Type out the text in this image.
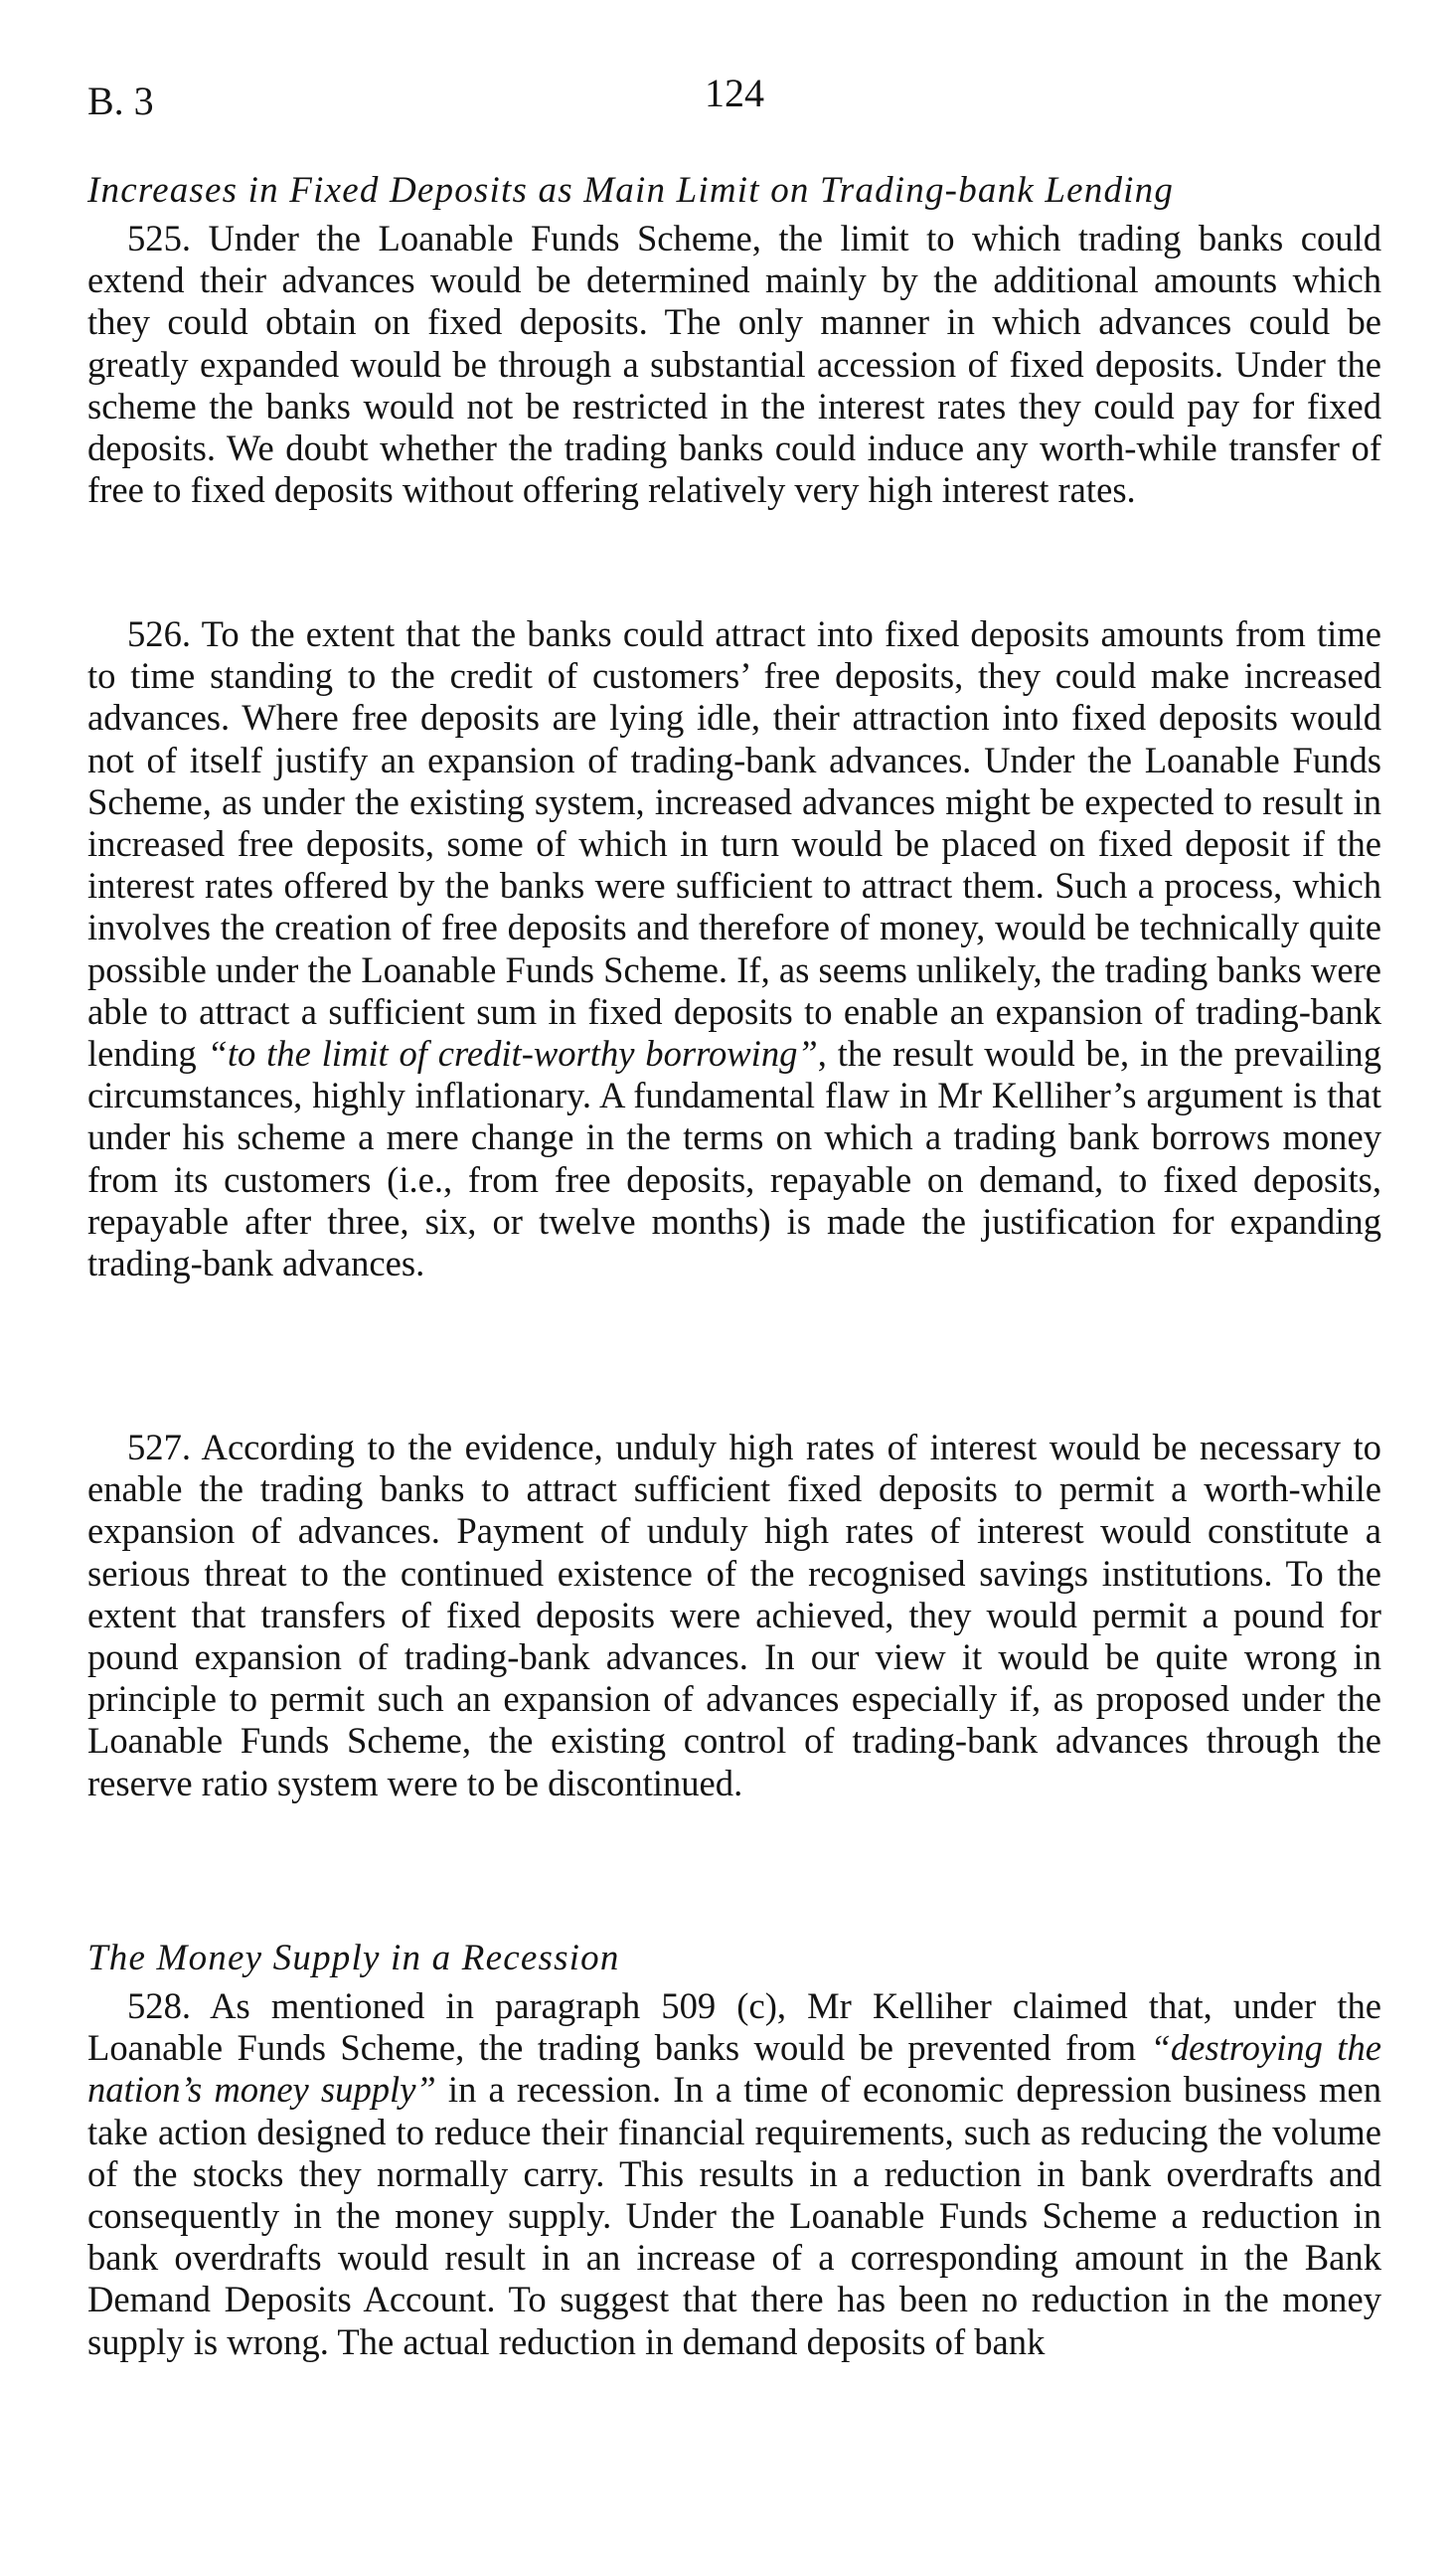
B. 3	124
Increases in Fixed Deposits as Main Limit on Trading-bank Lending

525. Under the Loanable Funds Scheme, the limit to which trading banks could extend their advances would be determined mainly by the additional amounts which they could obtain on fixed deposits. The only manner in which advances could be greatly expanded would be through a substantial accession of fixed deposits. Under the scheme the banks would not be restricted in the interest rates they could pay for fixed deposits. We doubt whether the trading banks could induce any worth-while transfer of free to fixed deposits without offering relatively very high interest rates.

526. To the extent that the banks could attract into fixed deposits amounts from time to time standing to the credit of customers’ free deposits, they could make increased advances. Where free deposits are lying idle, their attraction into fixed deposits would not of itself justify an expansion of trading-bank advances. Under the Loanable Funds Scheme, as under the existing system, increased advances might be expected to result in increased free deposits, some of which in turn would be placed on fixed deposit if the interest rates offered by the banks were sufficient to attract them. Such a process, which involves the creation of free deposits and therefore of money, would be technically quite possible under the Loanable Funds Scheme. If, as seems unlikely, the trading banks were able to attract a sufficient sum in fixed deposits to enable an expansion of trading-bank lending “to the limit of credit-worthy borrowing”, the result would be, in the prevailing circumstances, highly inflationary. A fundamental flaw in Mr Kelliher’s argument is that under his scheme a mere change in the terms on which a trading bank borrows money from its customers (i.e., from free deposits, repayable on demand, to fixed deposits, repayable after three, six, or twelve months) is made the justification for expanding trading-bank advances.

527. According to the evidence, unduly high rates of interest would be necessary to enable the trading banks to attract sufficient fixed deposits to permit a worth-while expansion of advances. Payment of unduly high rates of interest would constitute a serious threat to the continued existence of the recognised savings institutions. To the extent that transfers of fixed deposits were achieved, they would permit a pound for pound expansion of trading-bank advances. In our view it would be quite wrong in principle to permit such an expansion of advances especially if, as proposed under the Loanable Funds Scheme, the existing control of trading-bank advances through the reserve ratio system were to be discontinued.

The Money Supply in a Recession

528. As mentioned in paragraph 509 (c), Mr Kelliher claimed that, under the Loanable Funds Scheme, the trading banks would be prevented from “destroying the nation’s money supply” in a recession. In a time of economic depression business men take action designed to reduce their financial requirements, such as reducing the volume of the stocks they normally carry. This results in a reduction in bank overdrafts and consequently in the money supply. Under the Loanable Funds Scheme a reduction in bank overdrafts would result in an increase of a corresponding amount in the Bank Demand Deposits Account. To suggest that there has been no reduction in the money supply is wrong. The actual reduction in demand deposits of bank
